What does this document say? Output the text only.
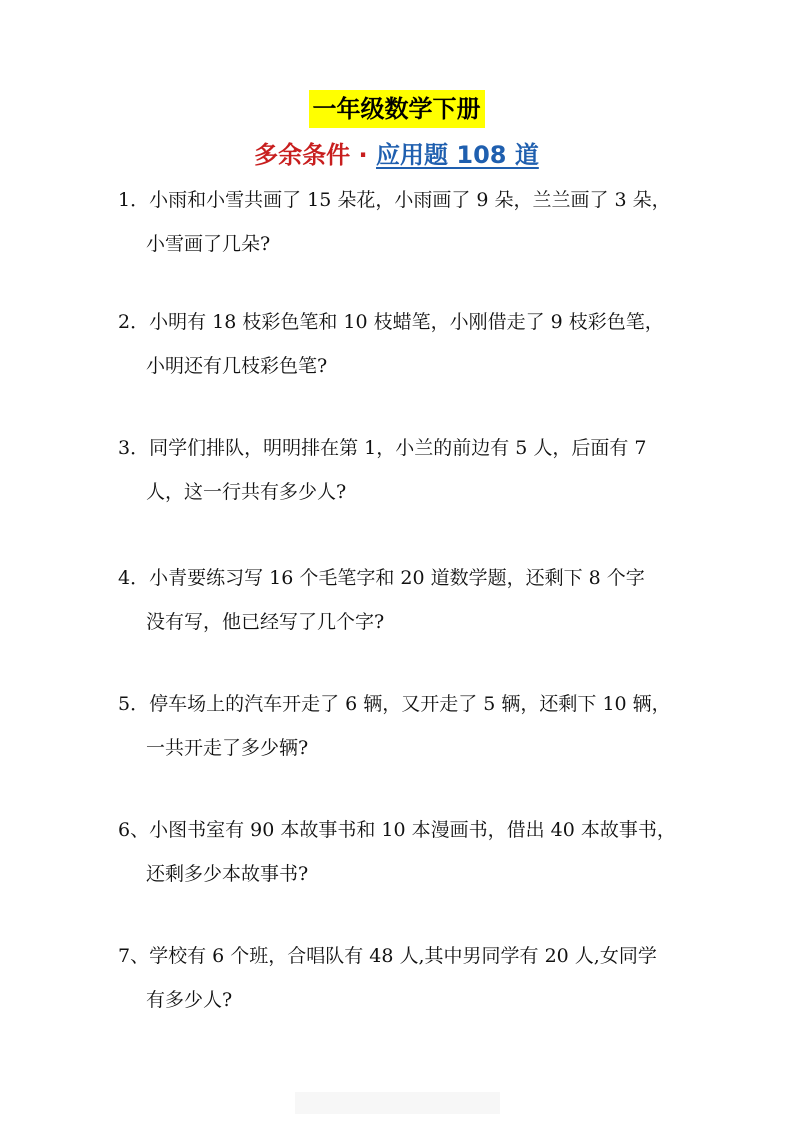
一年级数学下册
多余条件 · 应用题 108 道
1．小雨和小雪共画了 15 朵花，小雨画了 9 朵，兰兰画了 3 朵，
小雪画了几朵?
2．小明有 18 枝彩色笔和 10 枝蜡笔，小刚借走了 9 枝彩色笔，
小明还有几枝彩色笔?
3．同学们排队，明明排在第 1，小兰的前边有 5 人，后面有 7
人，这一行共有多少人?
4．小青要练习写 16 个毛笔字和 20 道数学题，还剩下 8 个字
没有写，他已经写了几个字?
5．停车场上的汽车开走了 6 辆，又开走了 5 辆，还剩下 10 辆，
一共开走了多少辆?
6、小图书室有 90 本故事书和 10 本漫画书，借出 40 本故事书，
还剩多少本故事书?
7、学校有 6 个班，合唱队有 48 人,其中男同学有 20 人,女同学
有多少人?
